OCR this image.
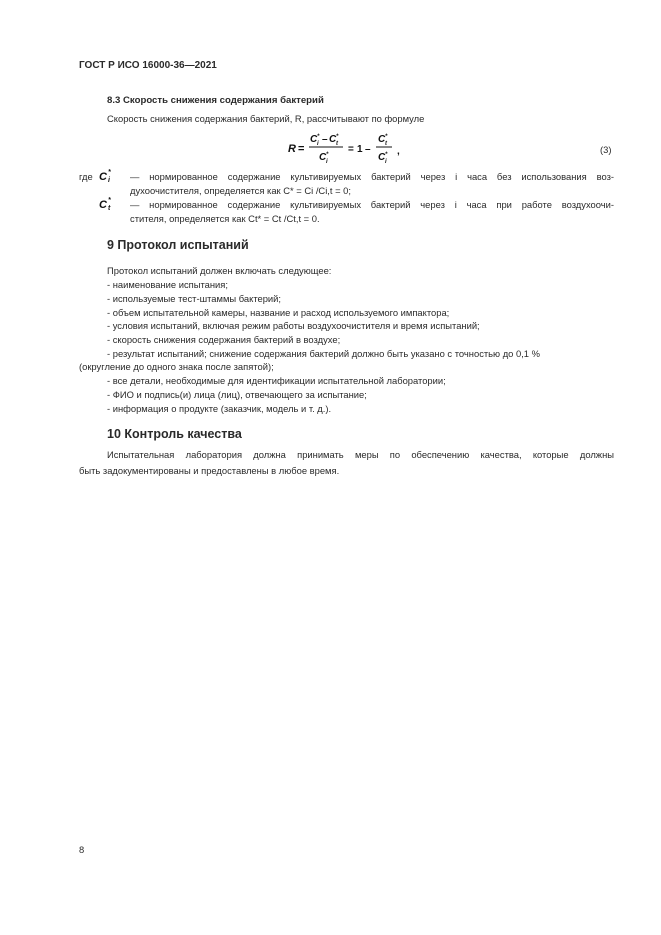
ГОСТ Р ИСО 16000-36—2021
8.3 Скорость снижения содержания бактерий
Скорость снижения содержания бактерий, R, рассчитывают по формуле
R =
C *
i – C *
t
C *
i
= 1 –
C *
t
C *
i
,	(3)
где C *
i — нормированное содержание культивируемых бактерий через i часа без использования воз-
духоочистителя, определяется как C* = Ci /Ci,t = 0;
C *
t — нормированное содержание культивируемых бактерий через i часа при работе воздухоочи-
стителя, определяется как Ct* = Ct /Ct,t = 0.
9 Протокол испытаний
Протокол испытаний должен включать следующее:
- наименование испытания;
- используемые тест-штаммы бактерий;
- объем испытательной камеры, название и расход используемого импактора;
- условия испытаний, включая режим работы воздухоочистителя и время испытаний;
- скорость снижения содержания бактерий в воздухе;
- результат испытаний; снижение содержания бактерий должно быть указано с точностью до 0,1 %
(округление до одного знака после запятой);
- все детали, необходимые для идентификации испытательной лаборатории;
- ФИО и подпись(и) лица (лиц), отвечающего за испытание;
- информация о продукте (заказчик, модель и т. д.).
10 Контроль качества
Испытательная лаборатория должна принимать меры по обеспечению качества, которые должны
быть задокументированы и предоставлены в любое время.
8
